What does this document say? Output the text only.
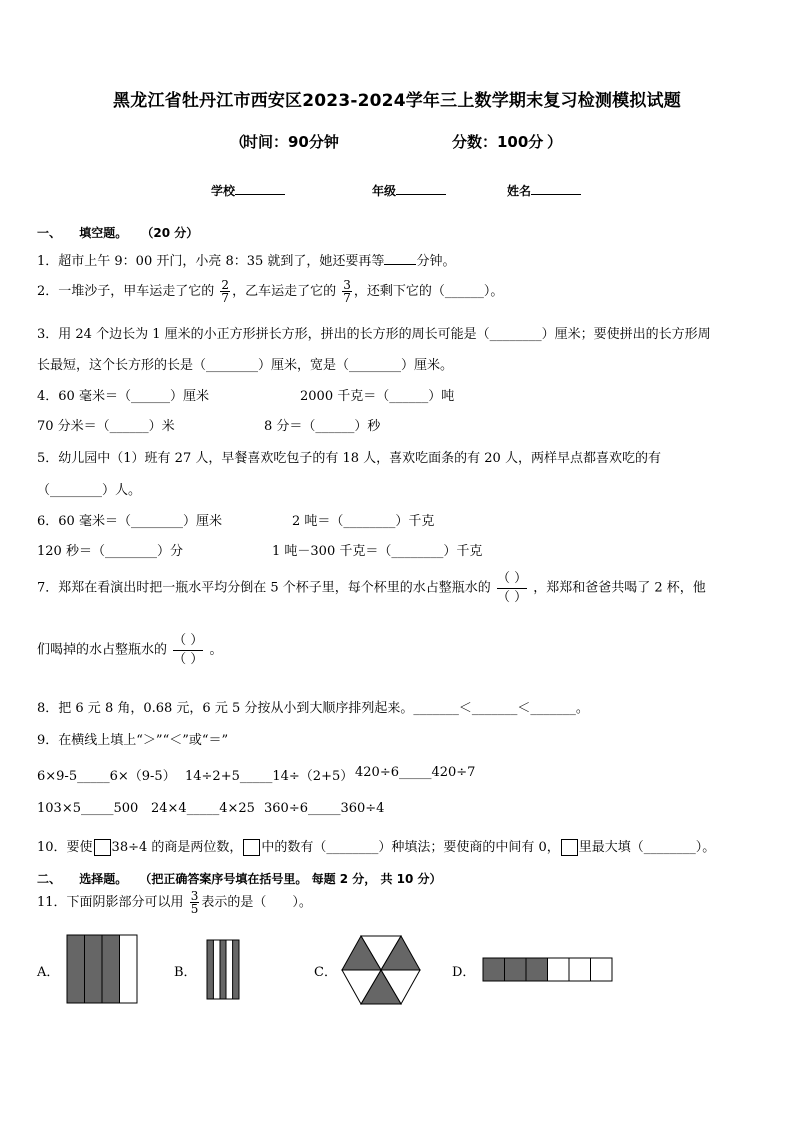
黑龙江省牡丹江市西安区2023-2024学年三上数学期末复习检测模拟试题
（
时间：90分钟	分数：100分 ）
学校	年级	姓名
一、 填空题。 （20 分）
1．超市上午 9：00 开门，小亮 8：35 就到了，她还要再等 分钟。
2．一堆沙子，甲车运走了它的 $\frac{2}{7}$ ，乙车运走了它的 $\frac{3}{7}$ ，还剩下它的（______）。
3．用 24 个边长为 1 厘米的小正方形拼长方形，拼出的长方形的周长可能是（________）厘米；要使拼出的长方形周
长最短，这个长方形的长是（________）厘米，宽是（________）厘米。
4．60 毫米＝（______）厘米	2000 千克＝（______）吨
70 分米＝（______）米	8 分＝（______）秒
5．幼儿园中（1）班有 27 人，早餐喜欢吃包子的有 18 人，喜欢吃面条的有 20 人，两样早点都喜欢吃的有
（________）人。
6．60 毫米＝（________）厘米	2 吨＝（________）千克
120 秒＝（________）分	1 吨－300 千克＝（________）千克
7．郑郑在看演出时把一瓶水平均分倒在 5 个杯子里，每个杯里的水占整瓶水的
（ ）
（ ）
，郑郑和爸爸共喝了 2 杯，他
们喝掉的水占整瓶水的
（ ）
（ ）
。
8．把 6 元 8 角，0.68 元，6 元 5 分按从小到大顺序排列起来。_______＜_______＜_______。
9．在横线上填上“＞”“＜”或“＝”
6×9-5_____6×（9-5） 14÷2+5_____14÷（2+5） 420÷6_____420÷7
103×5_____500 24×4_____4×25 360÷6_____360÷4
10．要使 38÷4 的商是两位数， 中的数有（________）种填法；要使商的中间有 0， 里最大填（________）。
二、 选择题。 （把正确答案序号填在括号里。 每题 2 分， 共 10 分）
11．下面阴影部分可以用 $\frac{3}{5}$ 表示的是（　　）。
A．	B．	C．	D．
